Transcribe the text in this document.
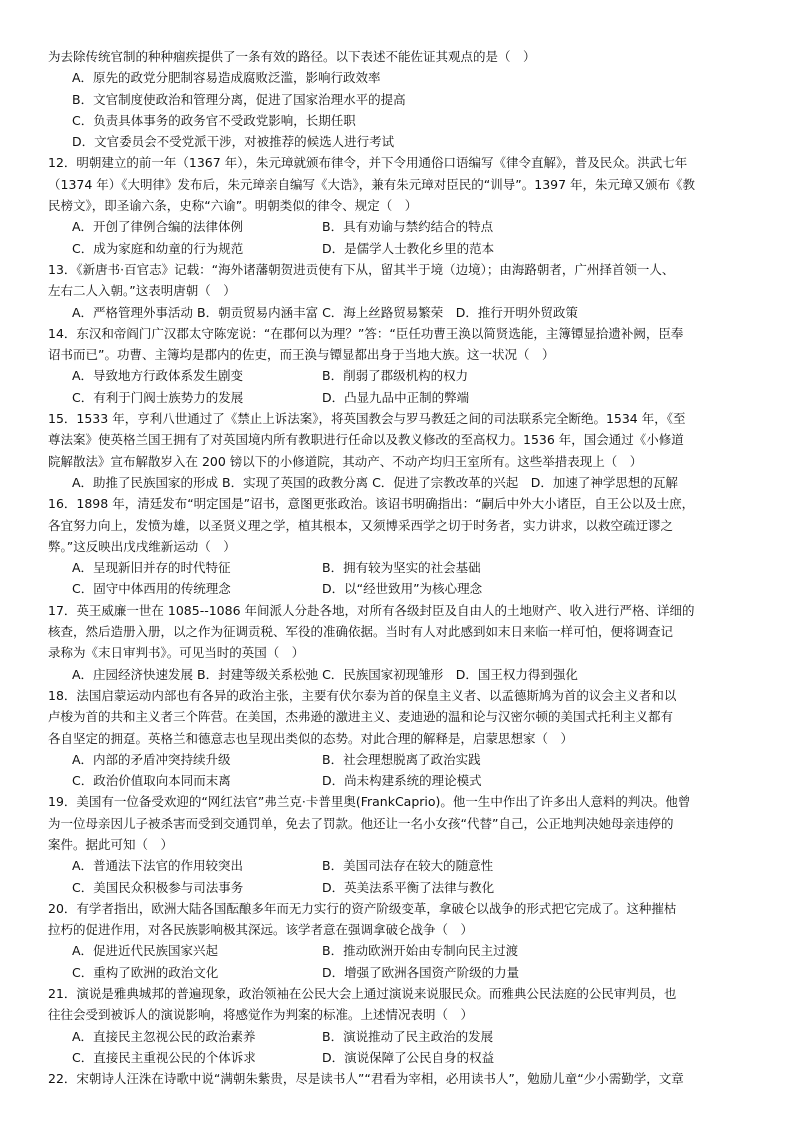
为去除传统官制的种种痼疾提供了一条有效的路径。以下表述不能佐证其观点的是（　）
A．原先的政党分肥制容易造成腐败泛滥，影响行政效率
B．文官制度使政治和管理分离，促进了国家治理水平的提高
C．负责具体事务的政务官不受政党影响，长期任职
D．文官委员会不受党派干涉，对被推荐的候选人进行考试
12．明朝建立的前一年（1367 年），朱元璋就颁布律令，并下令用通俗口语编写《律令直解》，普及民众。洪武七年
（1374 年）《大明律》发布后，朱元璋亲自编写《大诰》，兼有朱元璋对臣民的“训导”。1397 年，朱元璋又颁布《教
民榜文》，即圣谕六条，史称“六谕”。明朝类似的律令、规定（　）
A．开创了律例合编的法律体例	B．具有劝谕与禁约结合的特点
C．成为家庭和幼童的行为规范	D．是儒学人士教化乡里的范本
13．《新唐书·百官志》记载：“海外诸藩朝贺进贡使有下从，留其半于境（边境）；由海路朝者，广州择首领一人、
左右二人入朝。”这表明唐朝（　）
A．严格管理外事活动 B．朝贡贸易内涵丰富 C．海上丝路贸易繁荣　D．推行开明外贸政策
14．东汉和帝阎门广汉郡太守陈宠说：“在郡何以为理？”答：“臣任功曹王涣以简贤选能，主簿镡显拾遗补阙，臣奉
诏书而已”。功曹、主簿均是郡内的佐吏，而王涣与镡显都出身于当地大族。这一状况（　）
A．导致地方行政体系发生剧变	B．削弱了郡级机构的权力
C．有利于门阀士族势力的发展	D．凸显九品中正制的弊端
15．1533 年，亨利八世通过了《禁止上诉法案》，将英国教会与罗马教廷之间的司法联系完全断绝。1534 年，《至
尊法案》使英格兰国王拥有了对英国境内所有教职进行任命以及教义修改的至高权力。1536 年，国会通过《小修道
院解散法》宣布解散岁入在 200 镑以下的小修道院，其动产、不动产均归王室所有。这些举措表现上（　）
A．助推了民族国家的形成 B．实现了英国的政教分离 C．促进了宗教改革的兴起　D．加速了神学思想的瓦解
16．1898 年，清廷发布“明定国是”诏书，意图更张政治。该诏书明确指出：“嗣后中外大小诸臣，自王公以及士庶，
各宜努力向上，发愤为雄，以圣贤义理之学，植其根本，又须博采西学之切于时务者，实力讲求，以救空疏迂谬之
弊。”这反映出戊戌维新运动（　）
A．呈现新旧并存的时代特征	B．拥有较为坚实的社会基础
C．固守中体西用的传统理念	D．以“经世致用”为核心理念
17．英王威廉一世在 1085--1086 年间派人分赴各地，对所有各级封臣及自由人的土地财产、收入进行严格、详细的
核查，然后造册入册，以之作为征调贡税、军役的准确依据。当时有人对此感到如末日来临一样可怕，便将调查记
录称为《末日审判书》。可见当时的英国（　）
A．庄园经济快速发展 B．封建等级关系松弛 C．民族国家初现雏形　D．国王权力得到强化
18．法国启蒙运动内部也有各异的政治主张，主要有伏尔泰为首的保皇主义者、以孟德斯鸠为首的议会主义者和以
卢梭为首的共和主义者三个阵营。在美国，杰弗逊的激进主义、麦迪逊的温和论与汉密尔顿的美国式托利主义都有
各自坚定的拥趸。英格兰和德意志也呈现出类似的态势。对此合理的解释是，启蒙思想家（　）
A．内部的矛盾冲突持续升级	B．社会理想脱离了政治实践
C．政治价值取向本同而末离	D．尚未构建系统的理论模式
19．美国有一位备受欢迎的“网红法官”弗兰克·卡普里奥(FrankCaprio)。他一生中作出了许多出人意料的判决。他曾
为一位母亲因儿子被杀害而受到交通罚单，免去了罚款。他还让一名小女孩“代替”自己，公正地判决她母亲违停的
案件。据此可知（　）
A．普通法下法官的作用较突出	B．美国司法存在较大的随意性
C．美国民众积极参与司法事务	D．英美法系平衡了法律与教化
20．有学者指出，欧洲大陆各国酝酿多年而无力实行的资产阶级变革，拿破仑以战争的形式把它完成了。这种摧枯
拉朽的促进作用，对各民族影响极其深远。该学者意在强调拿破仑战争（　）
A．促进近代民族国家兴起	B．推动欧洲开始由专制向民主过渡
C．重构了欧洲的政治文化	D．增强了欧洲各国资产阶级的力量
21．演说是雅典城邦的普遍现象，政治领袖在公民大会上通过演说来说服民众。而雅典公民法庭的公民审判员，也
往往会受到被诉人的演说影响，将感觉作为判案的标准。上述情况表明（　）
A．直接民主忽视公民的政治素养	B．演说推动了民主政治的发展
C．直接民主重视公民的个体诉求	D．演说保障了公民自身的权益
22．宋朝诗人汪洙在诗歌中说“满朝朱紫贵，尽是读书人”“君看为宰相，必用读书人”，勉励儿童“少小需勤学，文章
